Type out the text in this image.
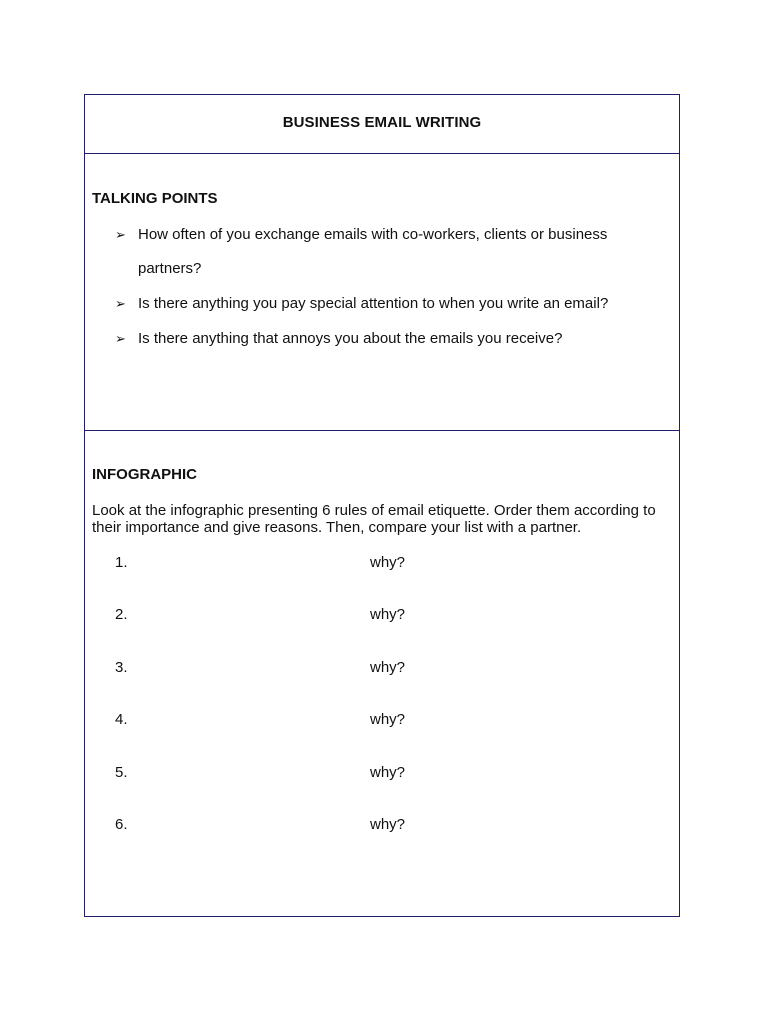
BUSINESS EMAIL WRITING
TALKING POINTS
➢ How often of you exchange emails with co-workers, clients or business partners?
➢ Is there anything you pay special attention to when you write an email?
➢ Is there anything that annoys you about the emails you receive?
INFOGRAPHIC
Look at the infographic presenting 6 rules of email etiquette. Order them according to their importance and give reasons. Then, compare your list with a partner.
1.	why?
2.	why?
3.	why?
4.	why?
5.	why?
6.	why?
